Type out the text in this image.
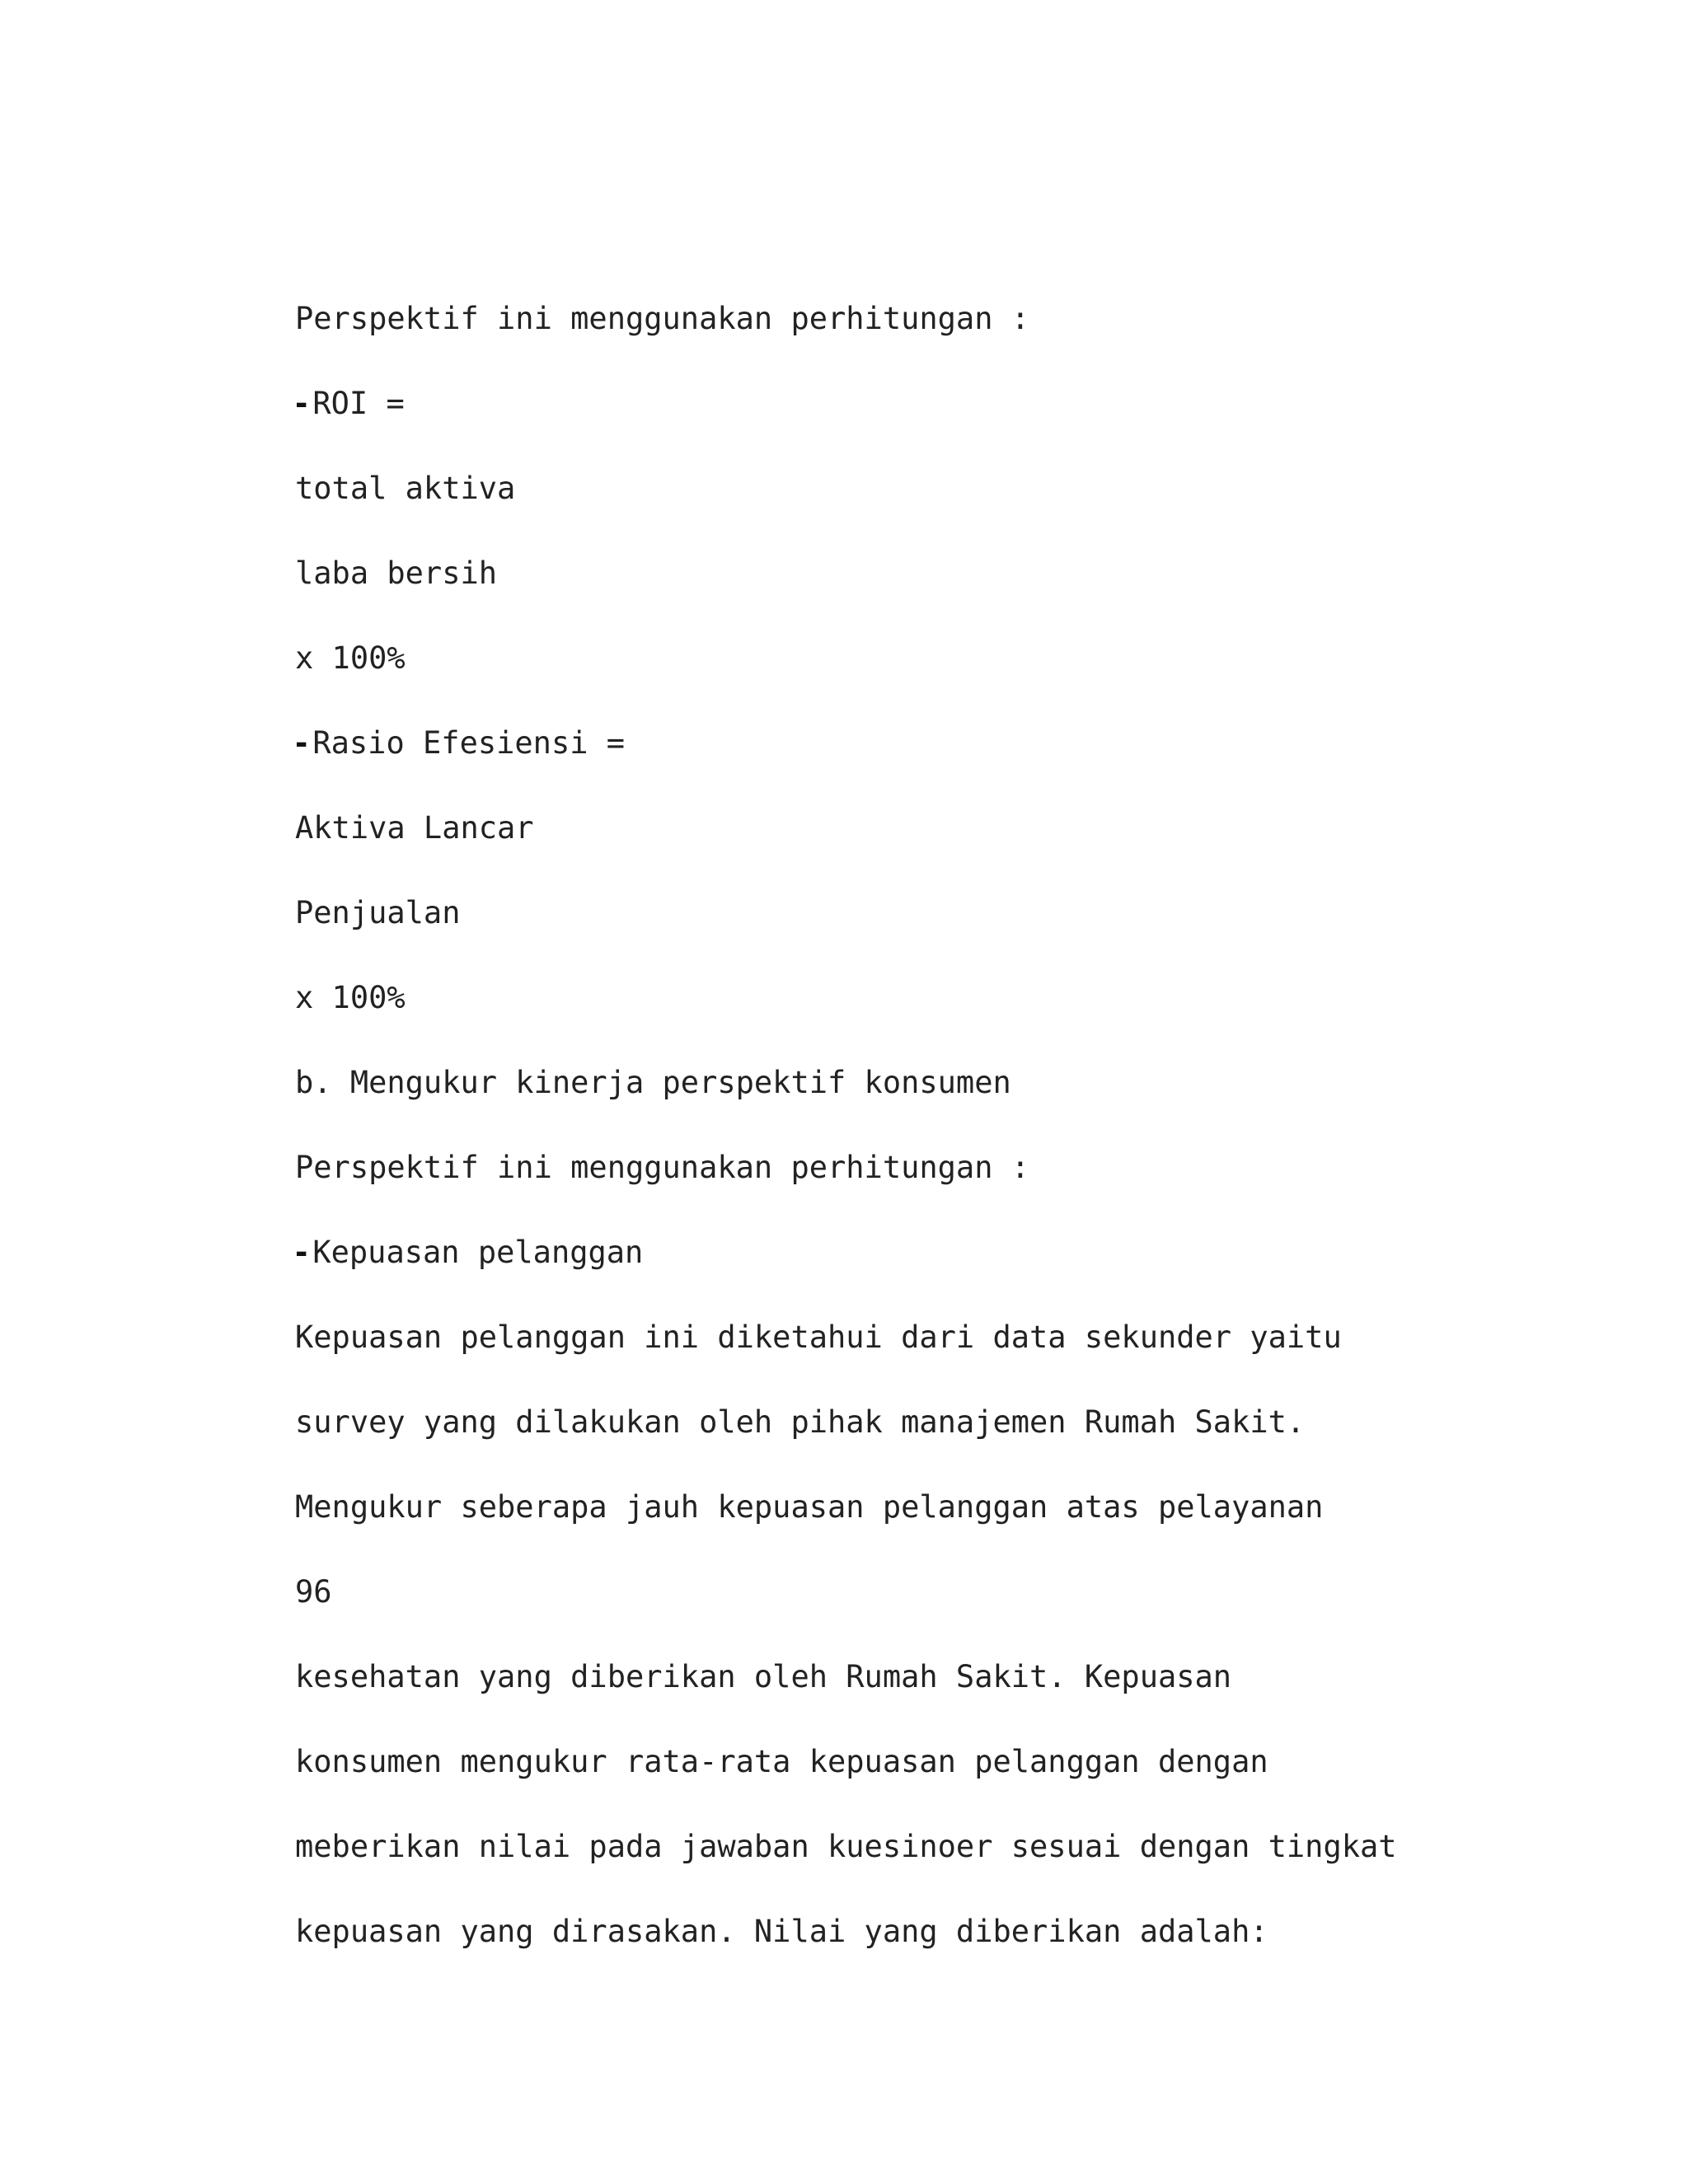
Perspektif ini menggunakan perhitungan :
- ROI =
total aktiva
laba bersih
x 100%
- Rasio Efesiensi =
Aktiva Lancar
Penjualan
x 100%
b. Mengukur kinerja perspektif konsumen
Perspektif ini menggunakan perhitungan :
- Kepuasan pelanggan
Kepuasan pelanggan ini diketahui dari data sekunder yaitu
survey yang dilakukan oleh pihak manajemen Rumah Sakit.
Mengukur seberapa jauh kepuasan pelanggan atas pelayanan
96
kesehatan yang diberikan oleh Rumah Sakit. Kepuasan
konsumen mengukur rata-rata kepuasan pelanggan dengan
meberikan nilai pada jawaban kuesinoer sesuai dengan tingkat
kepuasan yang dirasakan. Nilai yang diberikan adalah:
